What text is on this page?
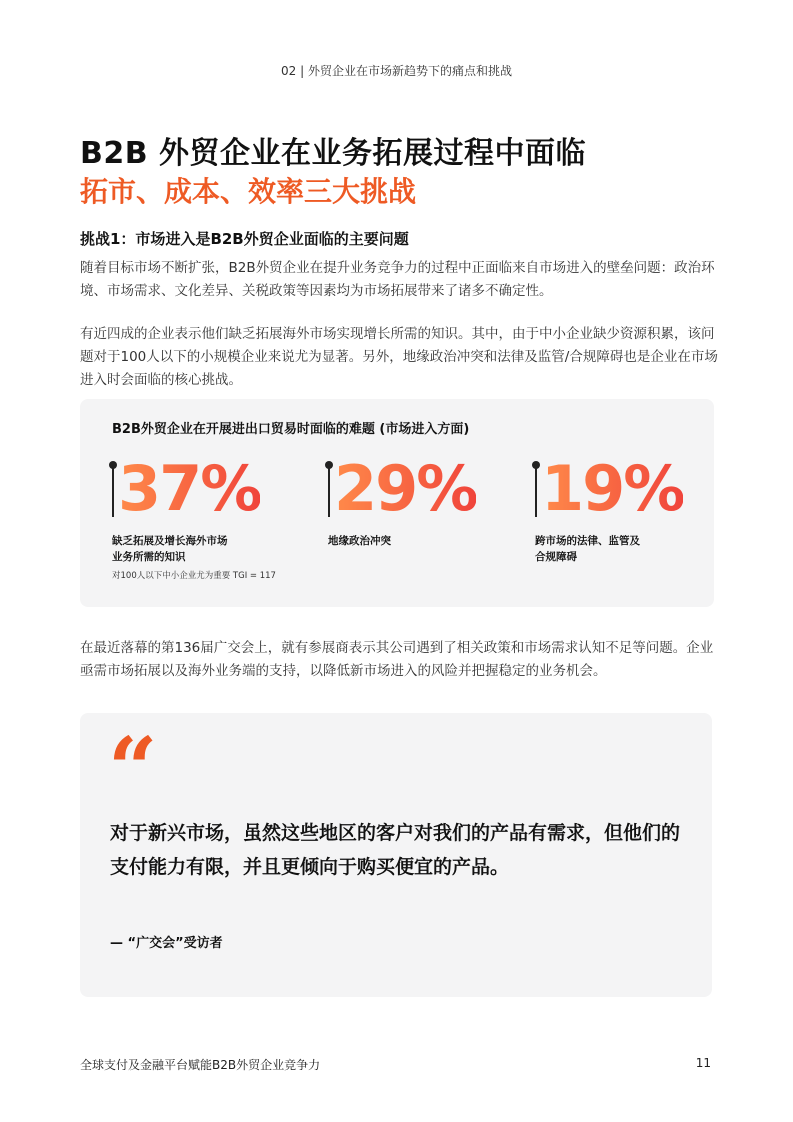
02 | 外贸企业在市场新趋势下的痛点和挑战
B2B 外贸企业在业务拓展过程中面临
拓市、成本、效率三大挑战
挑战1：市场进入是B2B外贸企业面临的主要问题
随着目标市场不断扩张，B2B外贸企业在提升业务竞争力的过程中正面临来自市场进入的壁垒问题：政治环境、市场需求、文化差异、关税政策等因素均为市场拓展带来了诸多不确定性。
有近四成的企业表示他们缺乏拓展海外市场实现增长所需的知识。其中，由于中小企业缺少资源积累，该问题对于100人以下的小规模企业来说尤为显著。另外，地缘政治冲突和法律及监管/合规障碍也是企业在市场进入时会面临的核心挑战。
B2B外贸企业在开展进出口贸易时面临的难题 (市场进入方面)
37%
缺乏拓展及增长海外市场
业务所需的知识
对100人以下中小企业尤为重要 TGI = 117
29%
地缘政治冲突
19%
跨市场的法律、监管及
合规障碍
在最近落幕的第136届广交会上，就有参展商表示其公司遇到了相关政策和市场需求认知不足等问题。企业亟需市场拓展以及海外业务端的支持，以降低新市场进入的风险并把握稳定的业务机会。
“
对于新兴市场，虽然这些地区的客户对我们的产品有需求，但他们的支付能力有限，并且更倾向于购买便宜的产品。
— “广交会”受访者
全球支付及金融平台赋能B2B外贸企业竞争力	11
